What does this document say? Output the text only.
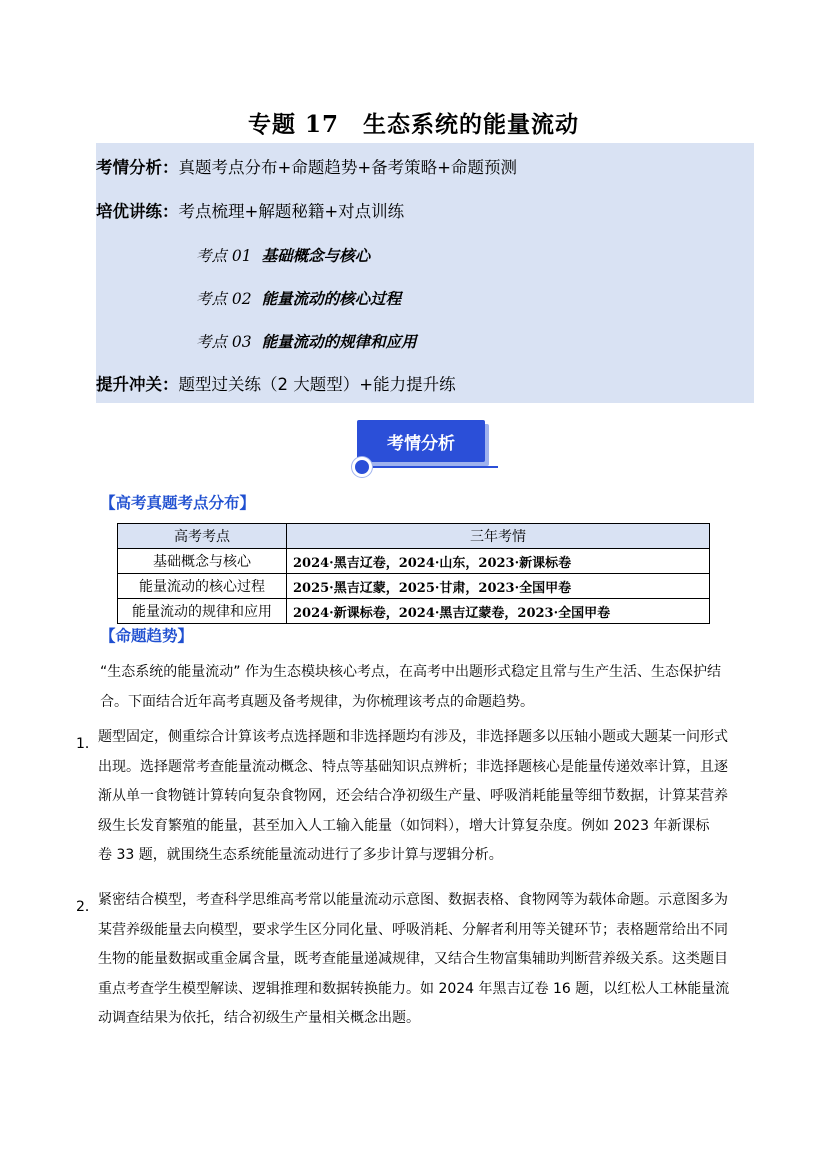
专题 17　生态系统的能量流动
考情分析：真题考点分布+命题趋势+备考策略+命题预测
培优讲练：考点梳理+解题秘籍+对点训练
考点 01 基础概念与核心
考点 02 能量流动的核心过程
考点 03 能量流动的规律和应用
提升冲关：题型过关练（2 大题型）+能力提升练
考情分析
【高考真题考点分布】
高考考点	三年考情
基础概念与核心	2024·黑吉辽卷，2024·山东，2023·新课标卷
能量流动的核心过程	2025·黑吉辽蒙，2025·甘肃，2023·全国甲卷
能量流动的规律和应用	2024·新课标卷，2024·黑吉辽蒙卷，2023·全国甲卷
【命题趋势】
“生态系统的能量流动” 作为生态模块核心考点，在高考中出题形式稳定且常与生产生活、生态保护结
合。下面结合近年高考真题及备考规律，为你梳理该考点的命题趋势。
1． 题型固定，侧重综合计算该考点选择题和非选择题均有涉及，非选择题多以压轴小题或大题某一问形式
出现。选择题常考查能量流动概念、特点等基础知识点辨析；非选择题核心是能量传递效率计算，且逐
渐从单一食物链计算转向复杂食物网，还会结合净初级生产量、呼吸消耗能量等细节数据，计算某营养
级生长发育繁殖的能量，甚至加入人工输入能量（如饲料），增大计算复杂度。例如 2023 年新课标
卷 33 题，就围绕生态系统能量流动进行了多步计算与逻辑分析。
2． 紧密结合模型，考查科学思维高考常以能量流动示意图、数据表格、食物网等为载体命题。示意图多为
某营养级能量去向模型，要求学生区分同化量、呼吸消耗、分解者利用等关键环节；表格题常给出不同
生物的能量数据或重金属含量，既考查能量递减规律，又结合生物富集辅助判断营养级关系。这类题目
重点考查学生模型解读、逻辑推理和数据转换能力。如 2024 年黑吉辽卷 16 题，以红松人工林能量流
动调查结果为依托，结合初级生产量相关概念出题。
